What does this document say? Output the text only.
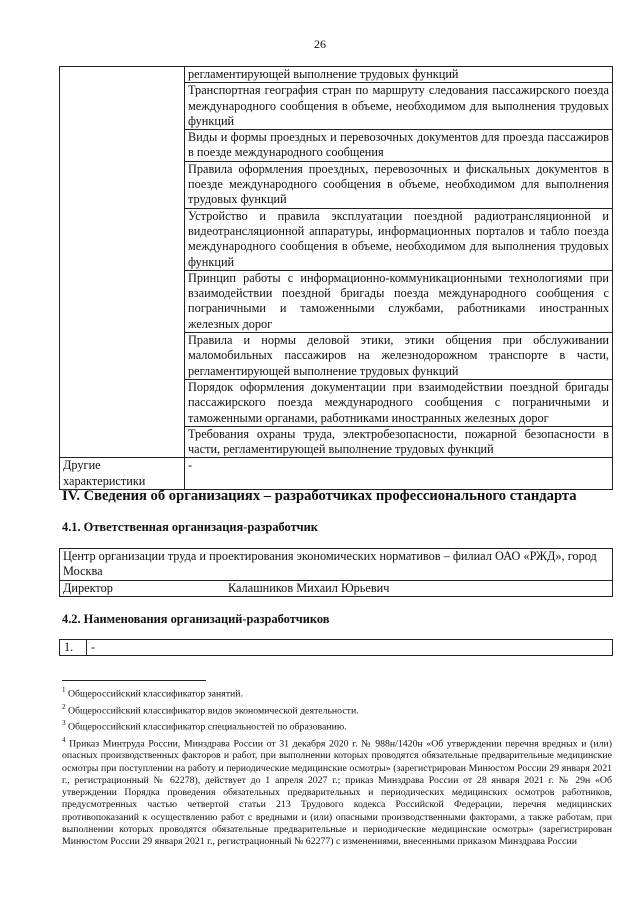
26
	регламентирующей выполнение трудовых функций
	Транспортная география стран по маршруту следования пассажирского поезда международного сообщения в объеме, необходимом для выполнения трудовых функций
	Виды и формы проездных и перевозочных документов для проезда пассажиров в поезде международного сообщения
	Правила оформления проездных, перевозочных и фискальных документов в поезде международного сообщения в объеме, необходимом для выполнения трудовых функций
	Устройство и правила эксплуатации поездной радиотрансляционной и видеотрансляционной аппаратуры, информационных порталов и табло поезда международного сообщения в объеме, необходимом для выполнения трудовых функций
	Принцип работы с информационно-коммуникационными технологиями при взаимодействии поездной бригады поезда международного сообщения с пограничными и таможенными службами, работниками иностранных железных дорог
	Правила и нормы деловой этики, этики общения при обслуживании маломобильных пассажиров на железнодорожном транспорте в части, регламентирующей выполнение трудовых функций
	Порядок оформления документации при взаимодействии поездной бригады пассажирского поезда международного сообщения с пограничными и таможенными органами, работниками иностранных железных дорог
	Требования охраны труда, электробезопасности, пожарной безопасности в части, регламентирующей выполнение трудовых функций
Другие характеристики	-
IV. Сведения об организациях – разработчиках профессионального стандарта
4.1. Ответственная организация-разработчик
Центр организации труда и проектирования экономических нормативов – филиал ОАО «РЖД», город Москва
Директор	Калашников Михаил Юрьевич
4.2. Наименования организаций-разработчиков
1.	-

$^1$ Общероссийский классификатор занятий.

$^2$ Общероссийский классификатор видов экономической деятельности.

$^3$ Общероссийский классификатор специальностей по образованию.

$^4$ Приказ Минтруда России, Минздрава России от 31 декабря 2020 г. № 988н/1420н «Об утверждении перечня вредных и (или) опасных производственных факторов и работ, при выполнении которых проводятся обязательные предварительные медицинские осмотры при поступлении на работу и периодические медицинские осмотры» (зарегистрирован Минюстом России 29 января 2021 г., регистрационный № 62278), действует до 1 апреля 2027 г.; приказ Минздрава России от 28 января 2021 г. № 29н «Об утверждении Порядка проведения обязательных предварительных и периодических медицинских осмотров работников, предусмотренных частью четвертой статьи 213 Трудового кодекса Российской Федерации, перечня медицинских противопоказаний к осуществлению работ с вредными и (или) опасными производственными факторами, а также работам, при выполнении которых проводятся обязательные предварительные и периодические медицинские осмотры» (зарегистрирован Минюстом России 29 января 2021 г., регистрационный № 62277) с изменениями, внесенными приказом Минздрава России
